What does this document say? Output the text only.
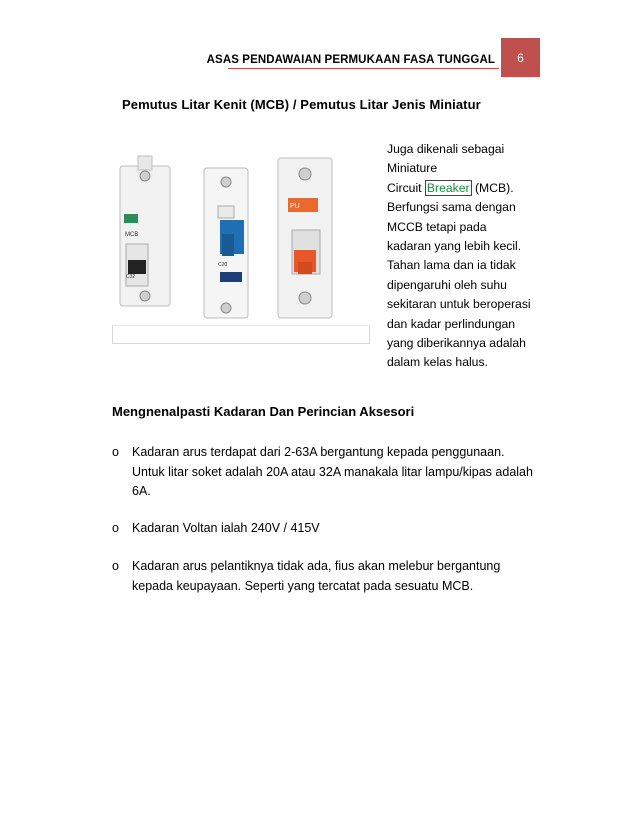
ASAS PENDAWAIAN PERMUKAAN FASA TUNGGAL	6
Pemutus Litar Kenit (MCB) / Pemutus Litar Jenis Miniatur
MCB
C32
C20
PU

Juga dikenali sebagai

Miniature

Circuit Breaker (MCB).

Berfungsi sama dengan

MCCB tetapi pada

kadaran yang lebih kecil.

Tahan lama dan ia tidak

dipengaruhi oleh suhu

sekitaran untuk beroperasi

dan kadar perlindungan

yang diberikannya adalah

dalam kelas halus.

Mengnenalpasti Kadaran Dan Perincian Aksesori
o Kadaran arus terdapat dari 2-63A bergantung kepada penggunaan.
Untuk litar soket adalah 20A atau 32A manakala litar lampu/kipas adalah
6A.
o Kadaran Voltan ialah 240V / 415V
o Kadaran arus pelantiknya tidak ada, fius akan melebur bergantung
kepada keupayaan. Seperti yang tercatat pada sesuatu MCB.
